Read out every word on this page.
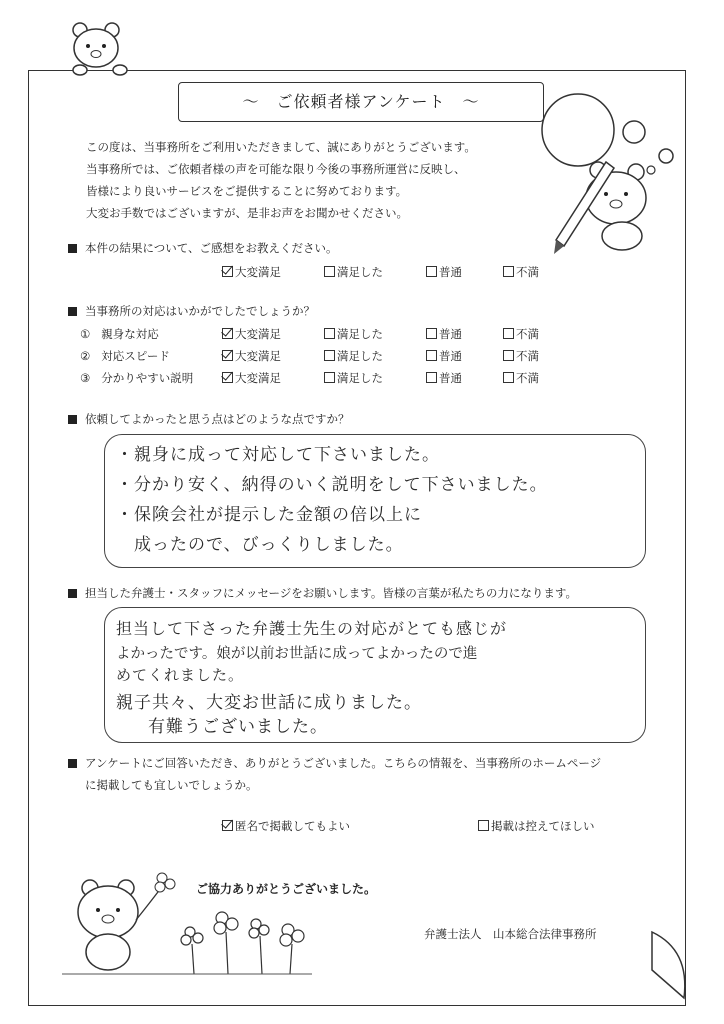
〜　ご依頼者様アンケート　〜
この度は、当事務所をご利用いただきまして、誠にありがとうございます。
当事務所では、ご依頼者様の声を可能な限り今後の事務所運営に反映し、
皆様により良いサービスをご提供することに努めております。
大変お手数ではございますが、是非お声をお聞かせください。
本件の結果について、ご感想をお教えください。
大変満足	満足した	普通	不満
当事務所の対応はいかがでしたでしょうか？
① 親身な対応	大変満足	満足した	普通	不満
② 対応スピード	大変満足	満足した	普通	不満
③ 分かりやすい説明	大変満足	満足した	普通	不満
依頼してよかったと思う点はどのような点ですか？
・親身に成って対応して下さいました。
・分かり安く、納得のいく説明をして下さいました。
・保険会社が提示した金額の倍以上に
　成ったので、びっくりしました。
担当した弁護士・スタッフにメッセージをお願いします。皆様の言葉が私たちの力になります。
担当して下さった弁護士先生の対応がとても感じが
よかったです。娘が以前お世話に成ってよかったので進
めてくれました。
親子共々、大変お世話に成りました。
　有難うございました。
アンケートにご回答いただき、ありがとうございました。こちらの情報を、当事務所のホームページ
に掲載しても宜しいでしょうか。
匿名で掲載してもよい	掲載は控えてほしい
ご協力ありがとうございました。
弁護士法人　山本総合法律事務所
